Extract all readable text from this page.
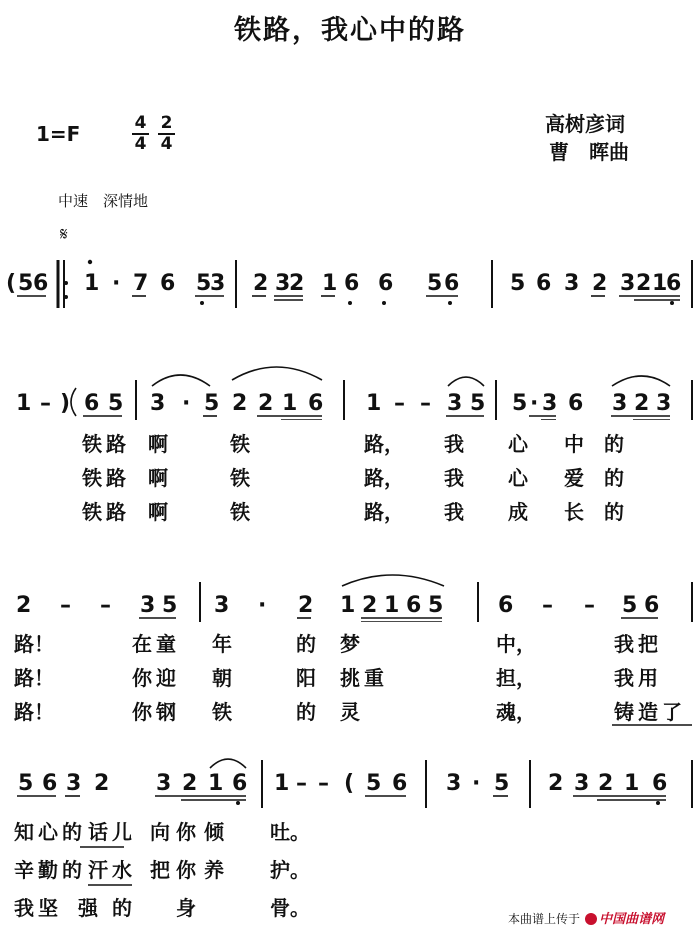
铁路，我心中的路
高树彦词
曹　晖曲
1=F	4
4
2
4
中速　深情地
𝄋
( 5 6 1 · 7 6 5
3 2 3
2 1 6 6 5 6 5 6 3 2 3 2 1
6
1 – ) 6 5 3 · 5 2 2 1 6 1 – – 3 5 5 · 3 6 3 2 3
铁 路 啊	铁	路， 我 心 中 的
铁 路 啊	铁	路， 我 心 爱 的
铁 路 啊	铁	路， 我 成 长 的
2 – – 3 5 3 · 2 1 2 1 6 5 6 – – 5 6
路！	在 童 年	的 梦	中，	我 把
路！	你 迎 朝	阳 挑 重	担，	我 用
路！	你 钢 铁	的 灵	魂，	铸 造 了
5 6 3 2 3 2 1 6 1 – – ( 5 6 3 · 5 2 3 2 1 6
知 心 的 话 儿 向 你 倾 吐。
辛 勤 的 汗 水 把 你 养 护。
我 坚 强 的 身	骨。	本曲谱上传于 中国曲谱网
